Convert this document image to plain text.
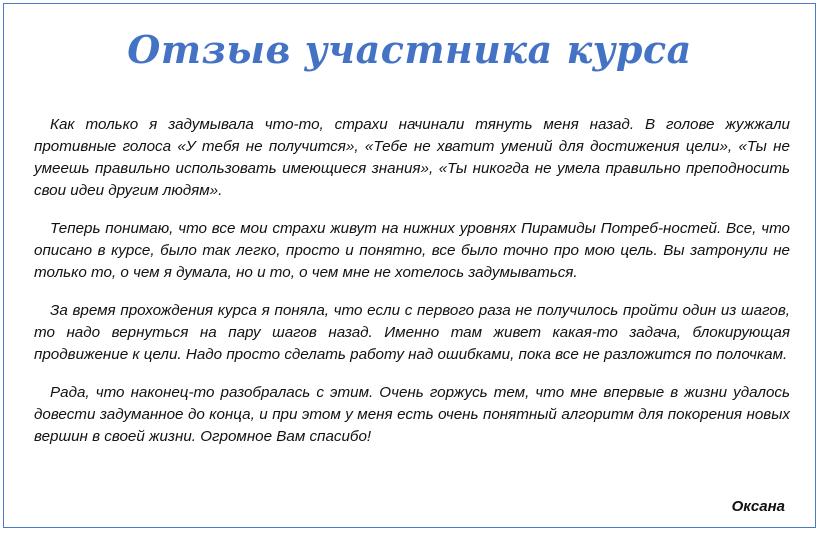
Отзыв участника курса

Как только я задумывала что-то, страхи начинали тянуть меня назад. В голове жужжали противные голоса «У тебя не получится», «Тебе не хватит умений для достижения цели», «Ты не умеешь правильно использовать имеющиеся знания», «Ты никогда не умела правильно преподносить свои идеи другим людям».

Теперь понимаю, что все мои страхи живут на нижних уровнях Пирамиды Потреб-ностей. Все, что описано в курсе, было так легко, просто и понятно, все было точно про мою цель. Вы затронули не только то, о чем я думала, но и то, о чем мне не хотелось задумываться.

За время прохождения курса я поняла, что если с первого раза не получилось пройти один из шагов, то надо вернуться на пару шагов назад. Именно там живет какая-то задача, блокирующая продвижение к цели. Надо просто сделать работу над ошибками, пока все не разложится по полочкам.

Рада, что наконец-то разобралась с этим. Очень горжусь тем, что мне впервые в жизни удалось довести задуманное до конца, и при этом у меня есть очень понятный алгоритм для покорения новых вершин в своей жизни. Огромное Вам спасибо!

Оксана
